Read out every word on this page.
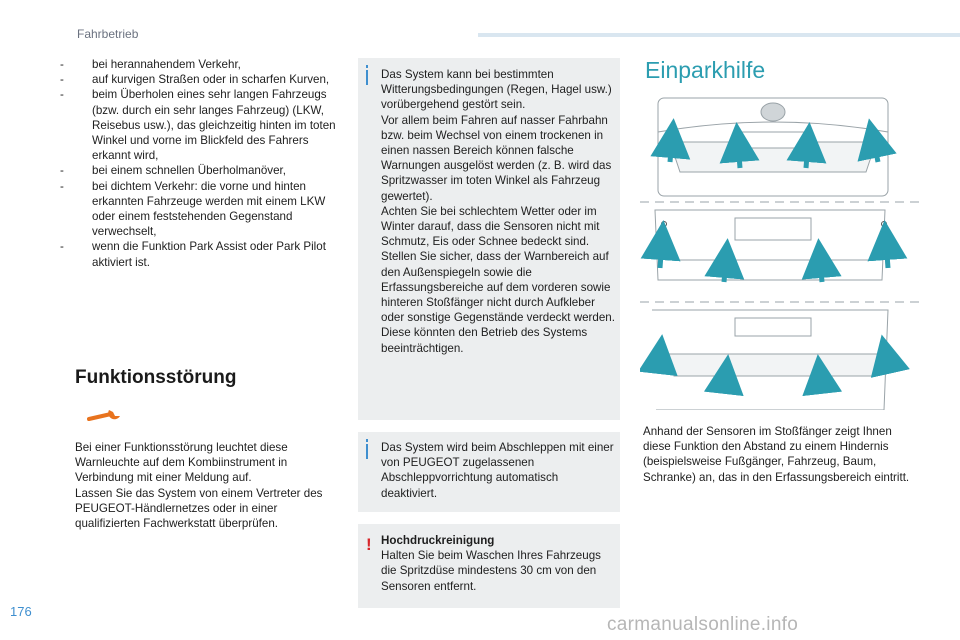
Fahrbetrieb
- bei herannahendem Verkehr,
- auf kurvigen Straßen oder in scharfen Kurven,
- beim Überholen eines sehr langen Fahrzeugs (bzw. durch ein sehr langes Fahrzeug) (LKW, Reisebus usw.), das gleichzeitig hinten im toten Winkel und vorne im Blickfeld des Fahrers erkannt wird,
- bei einem schnellen Überholmanöver,
- bei dichtem Verkehr: die vorne und hinten erkannten Fahrzeuge werden mit einem LKW oder einem feststehenden Gegenstand verwechselt,
- wenn die Funktion Park Assist oder Park Pilot aktiviert ist.
Funktionsstörung
Bei einer Funktionsstörung leuchtet diese Warnleuchte auf dem Kombiinstrument in Verbindung mit einer Meldung auf.
Lassen Sie das System von einem Vertreter des PEUGEOT-Händlernetzes oder in einer qualifizierten Fachwerkstatt überprüfen.
Das System kann bei bestimmten Witterungsbedingungen (Regen, Hagel usw.) vorübergehend gestört sein.
Vor allem beim Fahren auf nasser Fahrbahn bzw. beim Wechsel von einem trockenen in einen nassen Bereich können falsche Warnungen ausgelöst werden (z. B. wird das Spritzwasser im toten Winkel als Fahrzeug gewertet).
Achten Sie bei schlechtem Wetter oder im Winter darauf, dass die Sensoren nicht mit Schmutz, Eis oder Schnee bedeckt sind.
Stellen Sie sicher, dass der Warnbereich auf den Außenspiegeln sowie die Erfassungsbereiche auf dem vorderen sowie hinteren Stoßfänger nicht durch Aufkleber oder sonstige Gegenstände verdeckt werden. Diese könnten den Betrieb des Systems beeinträchtigen.
Das System wird beim Abschleppen mit einer von PEUGEOT zugelassenen Abschleppvorrichtung automatisch deaktiviert.
! Hochdruckreinigung
Halten Sie beim Waschen Ihres Fahrzeugs die Spritzdüse mindestens 30 cm von den Sensoren entfernt.
Einparkhilfe
Anhand der Sensoren im Stoßfänger zeigt Ihnen diese Funktion den Abstand zu einem Hindernis (beispielsweise Fußgänger, Fahrzeug, Baum, Schranke) an, das in den Erfassungsbereich eintritt.
176
carmanualsonline.info
